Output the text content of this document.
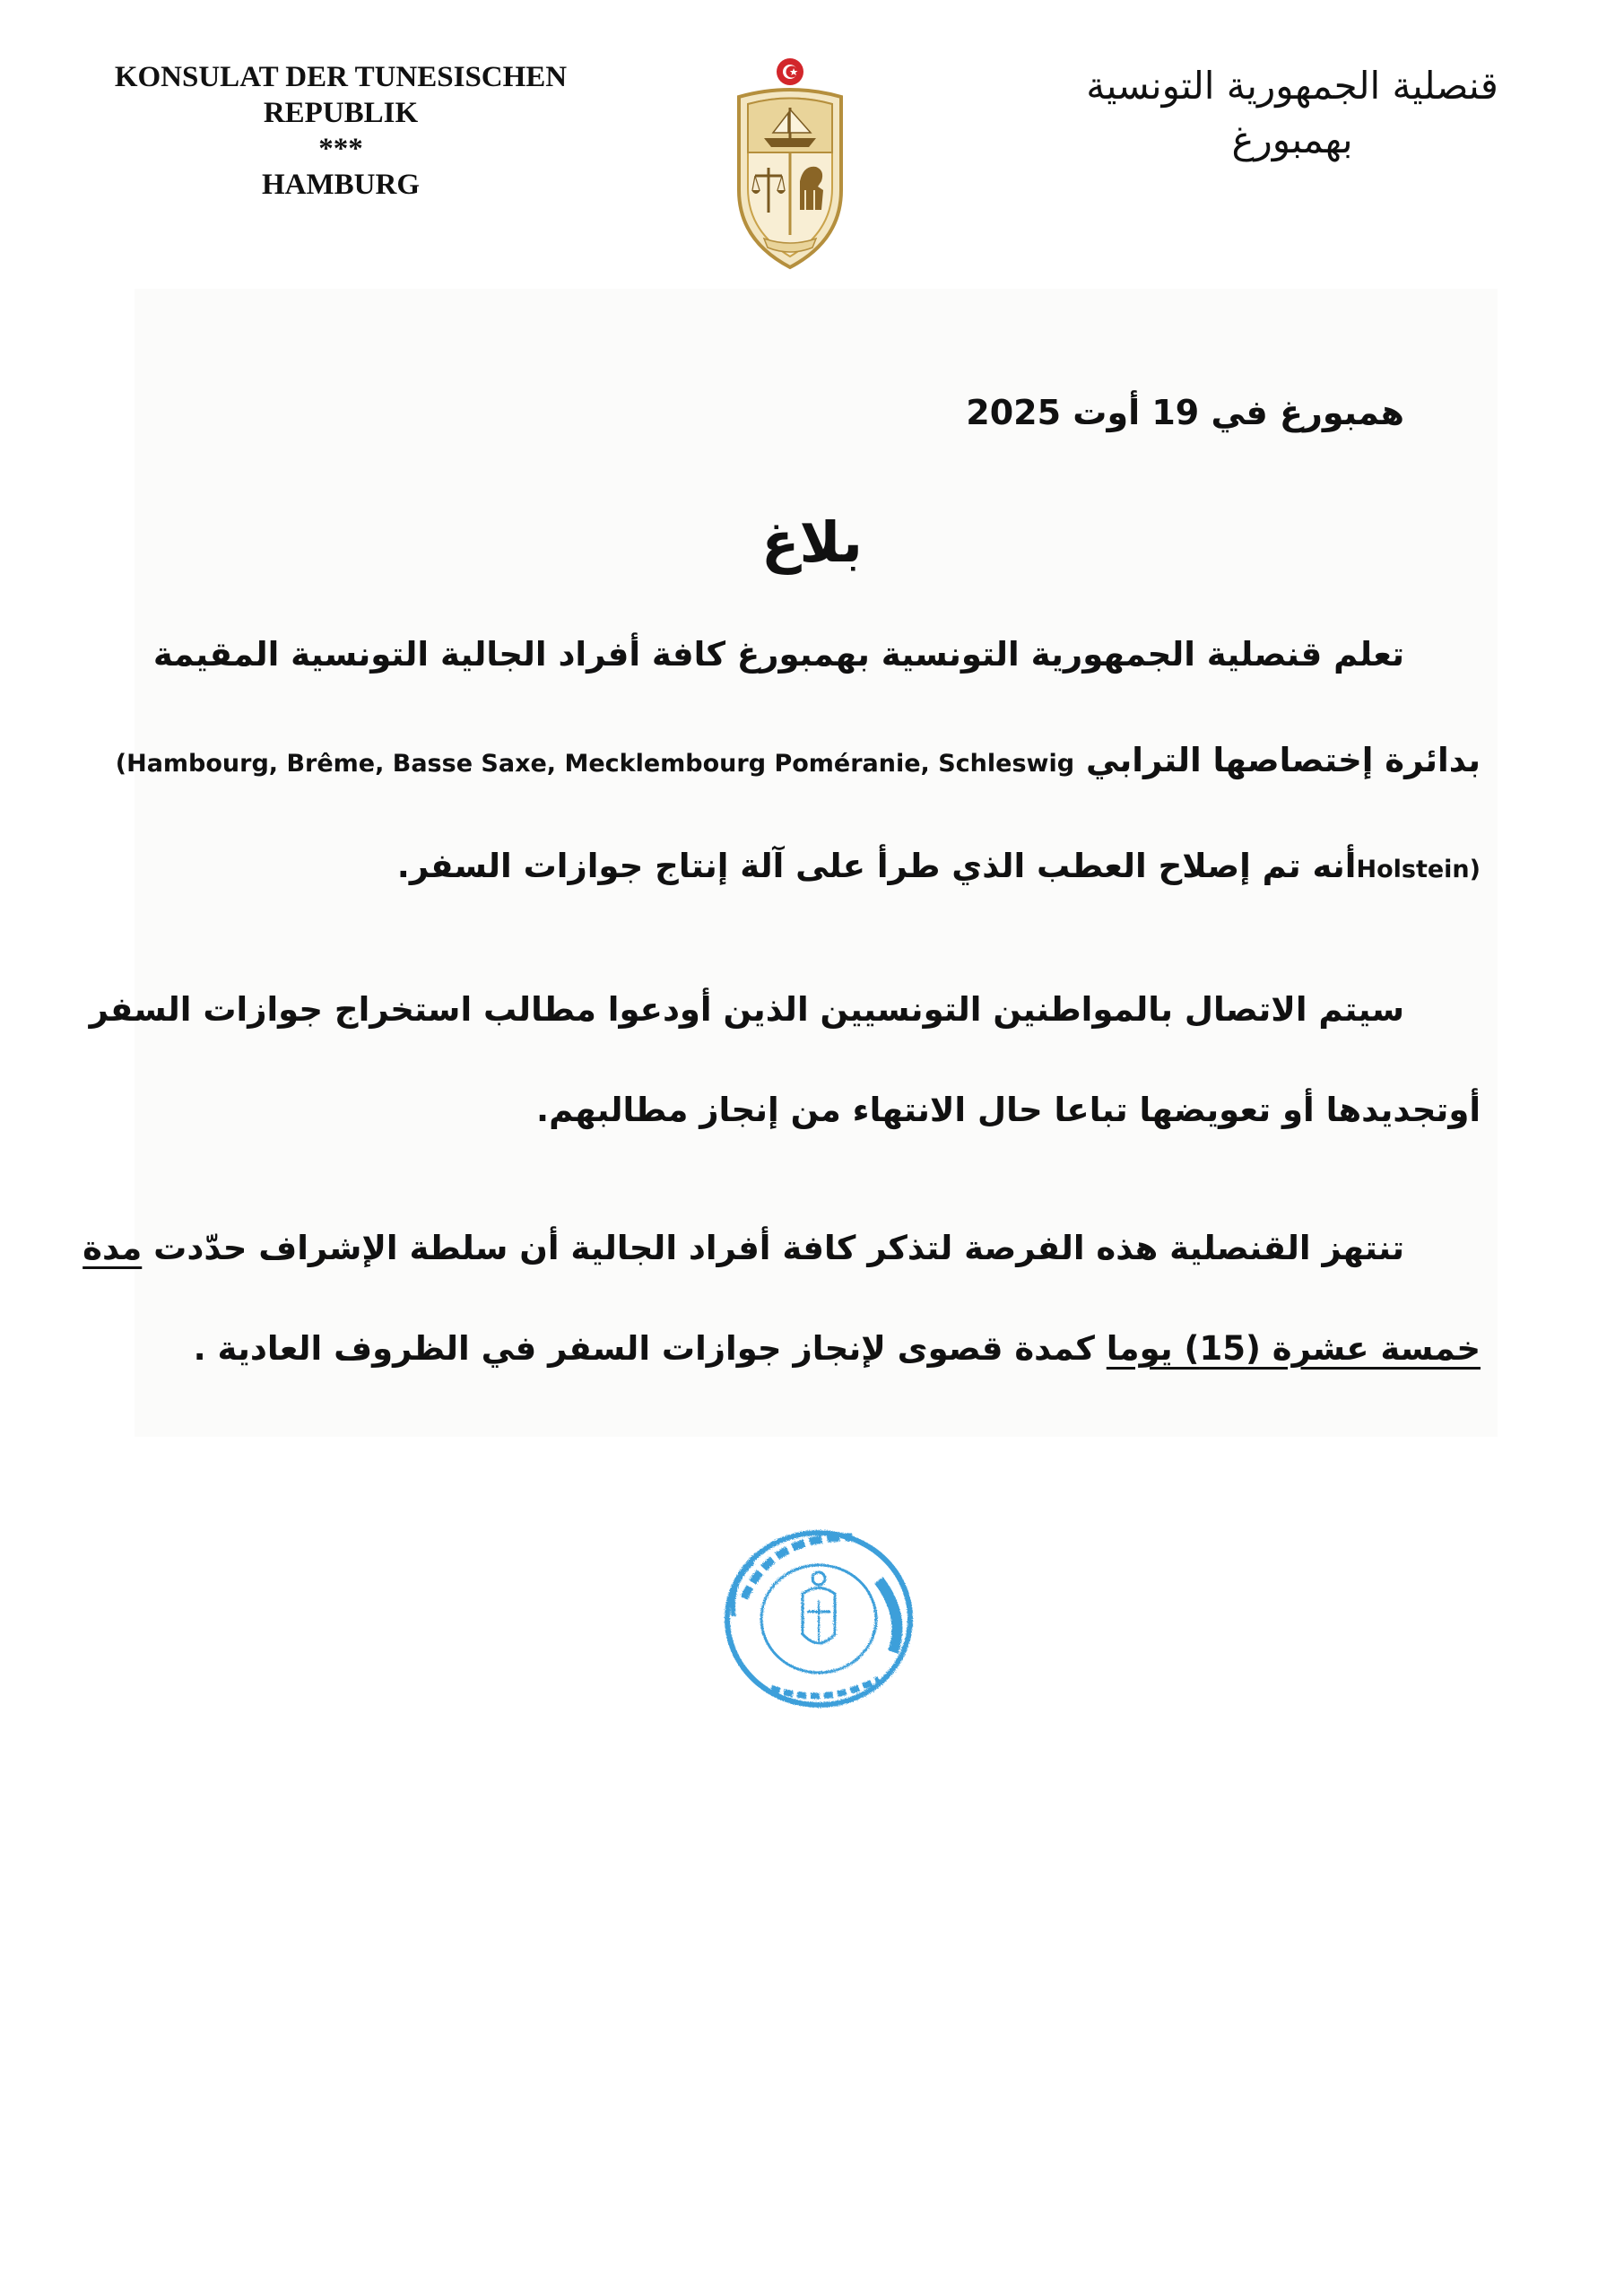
KONSULAT DER TUNESISCHEN
REPUBLIK
***
HAMBURG
قنصلية الجمهورية التونسية
بهمبورغ
همبورغ في 19 أوت 2025
بلاغ
تعلم قنصلية الجمهورية التونسية بهمبورغ كافة أفراد الجالية التونسية المقيمة
بدائرة إختصاصها الترابي (Hambourg, Brême, Basse Saxe, Mecklembourg Poméranie, Schleswig
Holstein)أنه تم إصلاح العطب الذي طرأ على آلة إنتاج جوازات السفر.
سيتم الاتصال بالمواطنين التونسيين الذين أودعوا مطالب استخراج جوازات السفر
أوتجديدها أو تعويضها تباعا حال الانتهاء من إنجاز مطالبهم.
تنتهز القنصلية هذه الفرصة لتذكر كافة أفراد الجالية أن سلطة الإشراف حدّدت مدة
خمسة عشرة (15) يوما كمدة قصوى لإنجاز جوازات السفر في الظروف العادية .
